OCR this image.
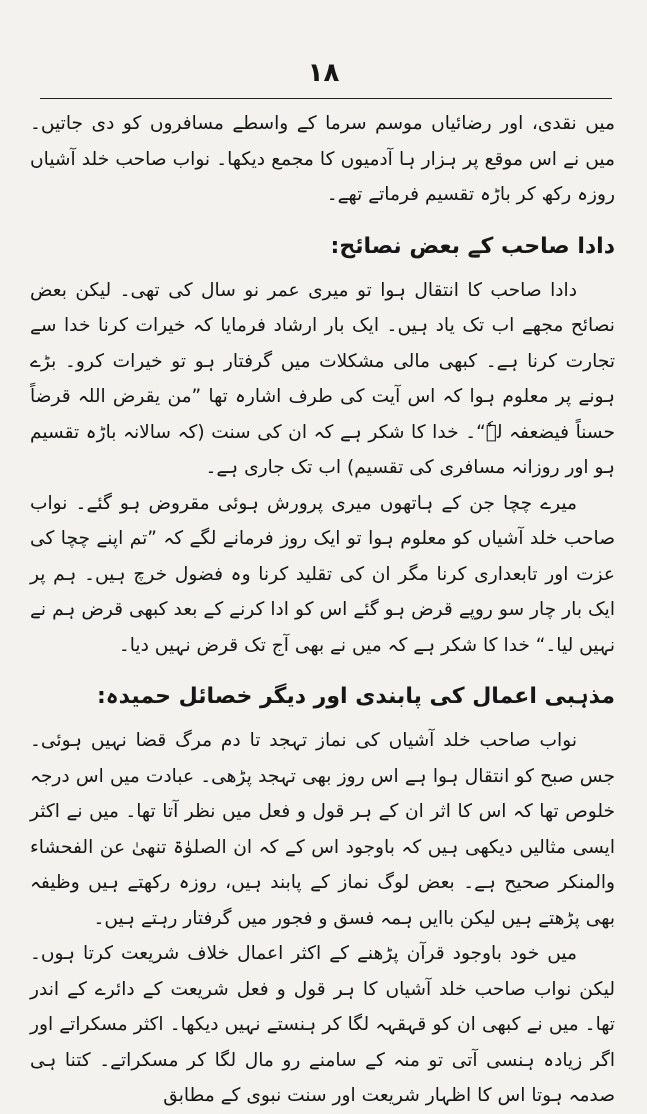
۱۸

میں نقدی، اور رضائیاں موسم سرما کے واسطے مسافروں کو دی جاتیں۔ میں نے اس موقع پر ہزار ہا آدمیوں کا مجمع دیکھا۔ نواب صاحب خلد آشیاں روزہ رکھ کر باڑہ تقسیم فرماتے تھے۔

دادا صاحب کے بعض نصائح:

دادا صاحب کا انتقال ہوا تو میری عمر نو سال کی تھی۔ لیکن بعض نصائح مجھے اب تک یاد ہیں۔ ایک بار ارشاد فرمایا کہ خیرات کرنا خدا سے تجارت کرنا ہے۔ کبھی مالی مشکلات میں گرفتار ہو تو خیرات کرو۔ بڑے ہونے پر معلوم ہوا کہ اس آیت کی طرف اشارہ تھا ”من یقرض اللہ قرضاً حسناً فیضعفہ لہٗ“۔ خدا کا شکر ہے کہ ان کی سنت (کہ سالانہ باڑہ تقسیم ہو اور روزانہ مسافری کی تقسیم) اب تک جاری ہے۔

میرے چچا جن کے ہاتھوں میری پرورش ہوئی مقروض ہو گئے۔ نواب صاحب خلد آشیاں کو معلوم ہوا تو ایک روز فرمانے لگے کہ ”تم اپنے چچا کی عزت اور تابعداری کرنا مگر ان کی تقلید کرنا وہ فضول خرچ ہیں۔ ہم پر ایک بار چار سو روپے قرض ہو گئے اس کو ادا کرنے کے بعد کبھی قرض ہم نے نہیں لیا۔“ خدا کا شکر ہے کہ میں نے بھی آج تک قرض نہیں دیا۔

مذہبی اعمال کی پابندی اور دیگر خصائل حمیدہ:

نواب صاحب خلد آشیاں کی نماز تہجد تا دم مرگ قضا نہیں ہوئی۔ جس صبح کو انتقال ہوا ہے اس روز بھی تہجد پڑھی۔ عبادت میں اس درجہ خلوص تھا کہ اس کا اثر ان کے ہر قول و فعل میں نظر آتا تھا۔ میں نے اکثر ایسی مثالیں دیکھی ہیں کہ باوجود اس کے کہ ان الصلوٰۃ تنھیٰ عن الفحشاء والمنکر صحیح ہے۔ بعض لوگ نماز کے پابند ہیں، روزہ رکھتے ہیں وظیفہ بھی پڑھتے ہیں لیکن باایں ہمہ فسق و فجور میں گرفتار رہتے ہیں۔

میں خود باوجود قرآن پڑھنے کے اکثر اعمال خلاف شریعت کرتا ہوں۔ لیکن نواب صاحب خلد آشیاں کا ہر قول و فعل شریعت کے دائرے کے اندر تھا۔ میں نے کبھی ان کو قہقہہ لگا کر ہنستے نہیں دیکھا۔ اکثر مسکراتے اور اگر زیادہ ہنسی آتی تو منہ کے سامنے رو مال لگا کر مسکراتے۔ کتنا ہی صدمہ ہوتا اس کا اظہار شریعت اور سنت نبوی کے مطابق
